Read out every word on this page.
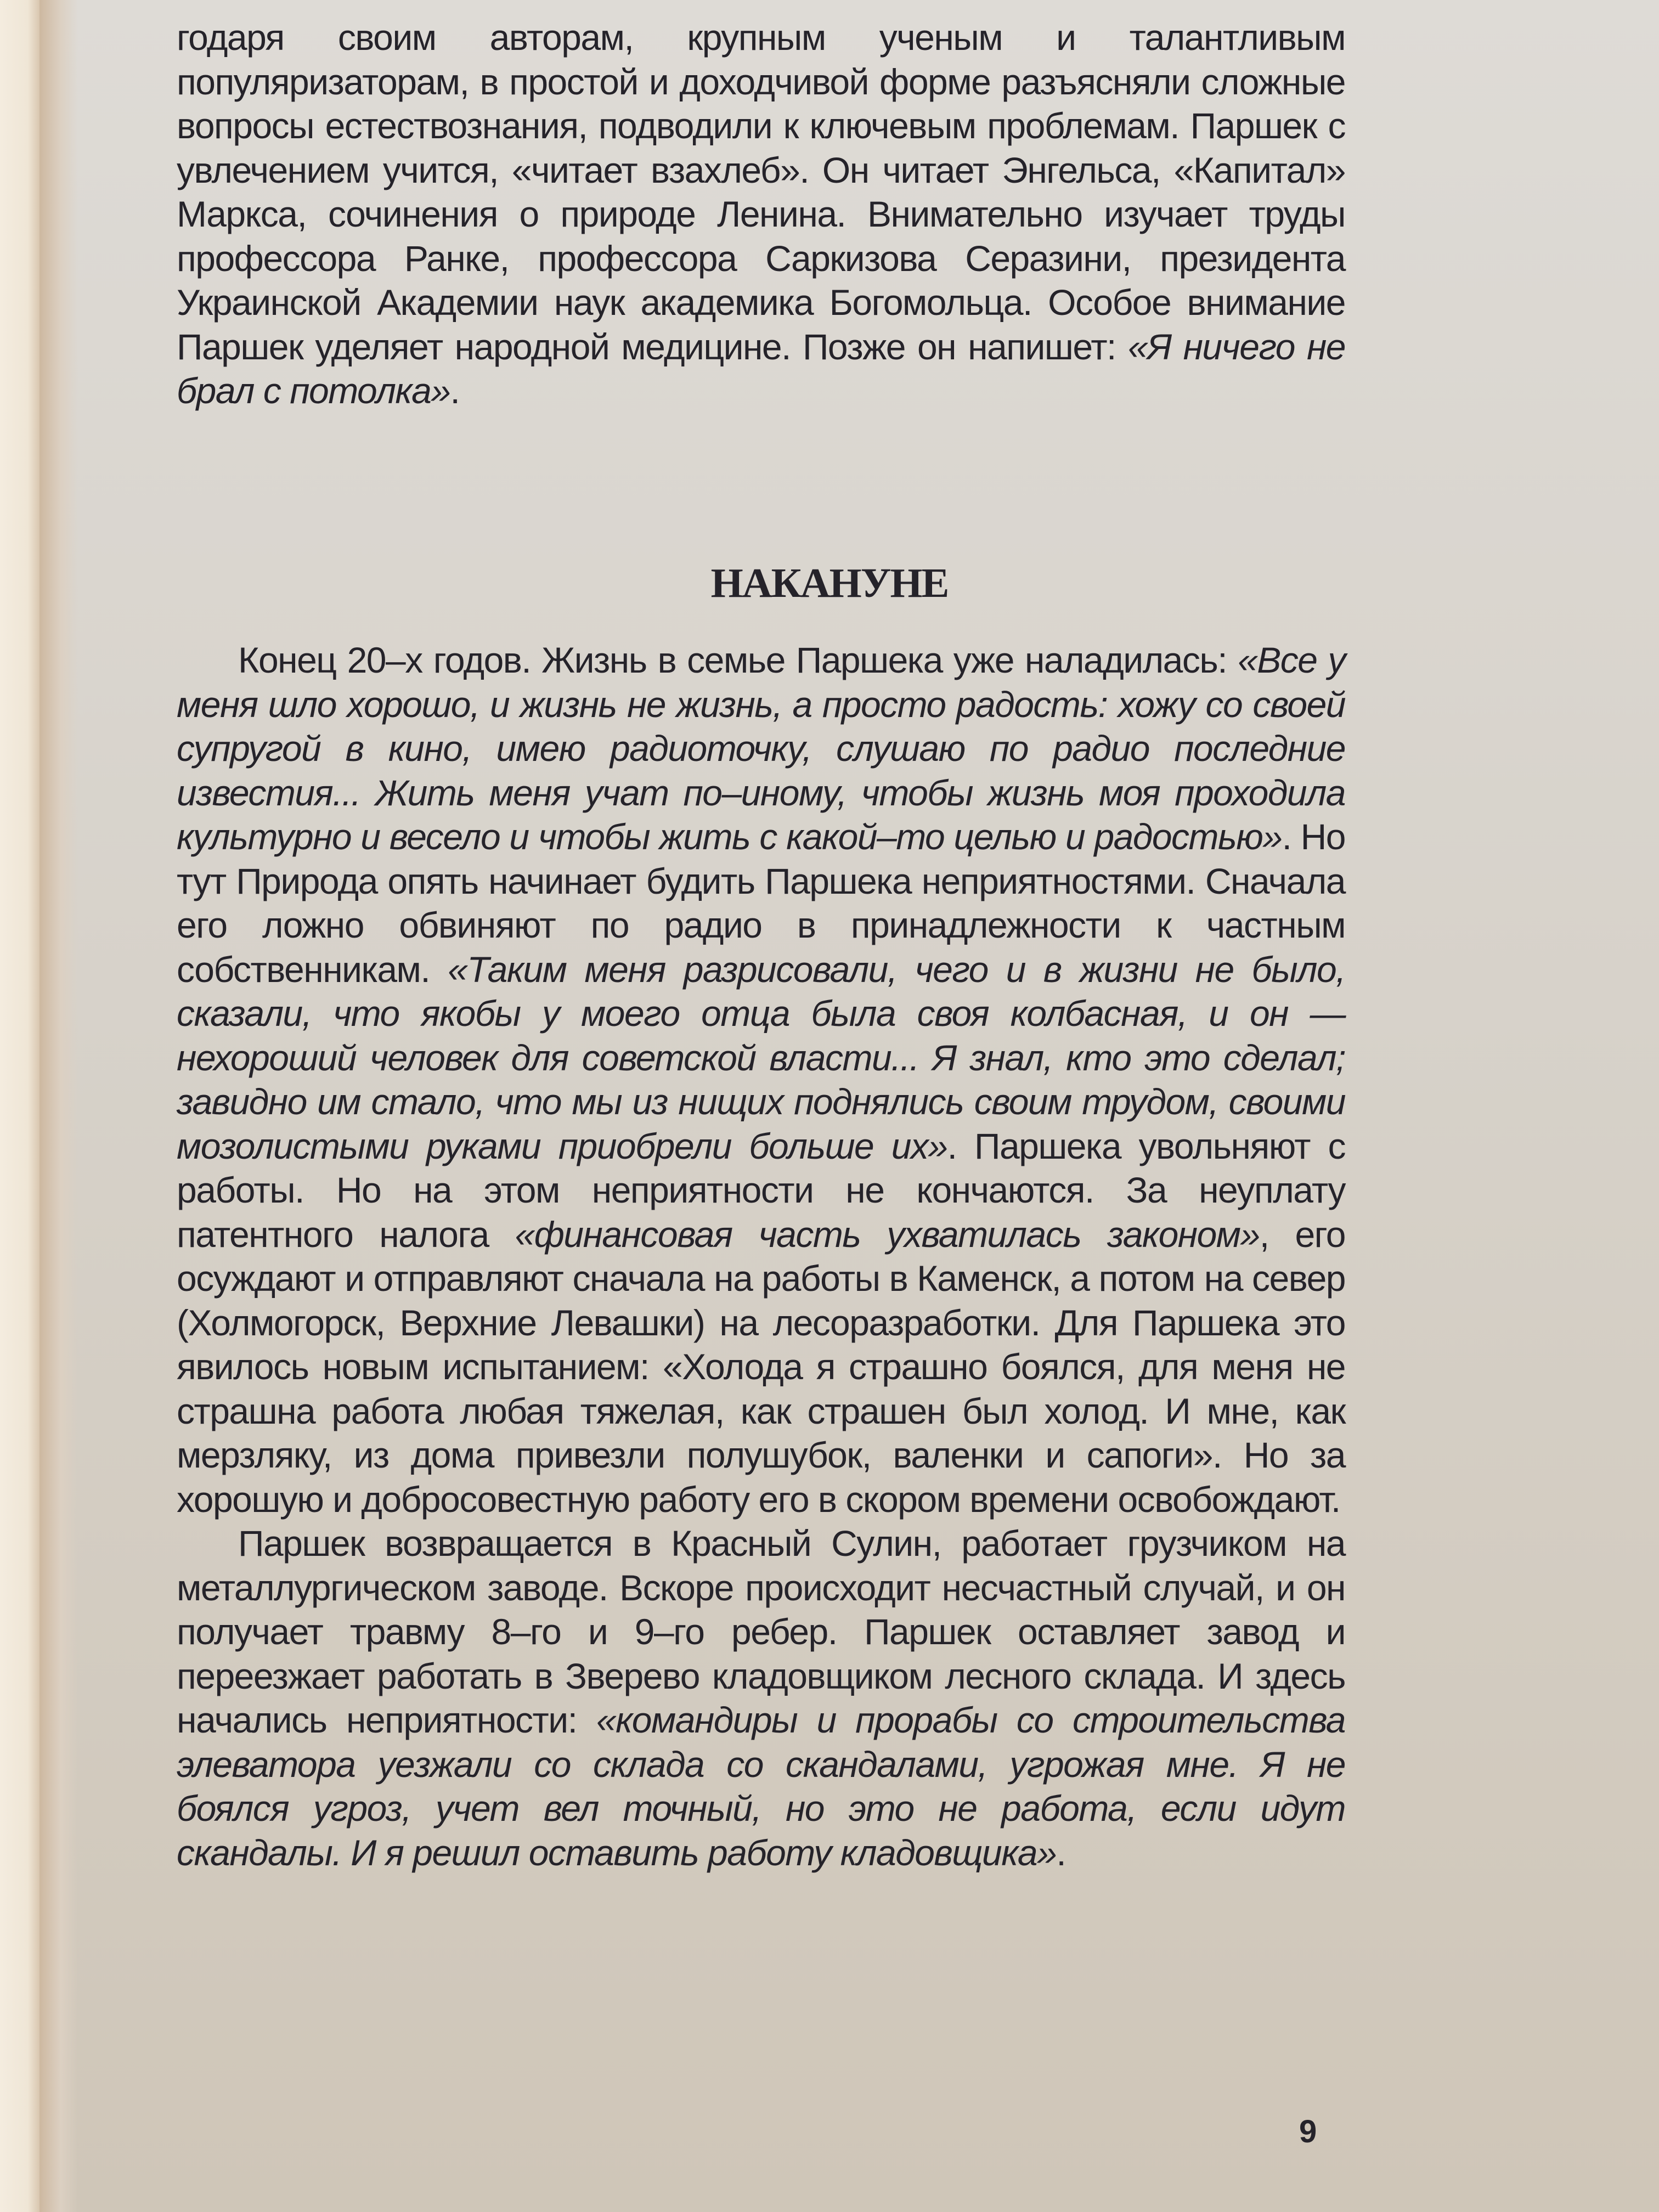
годаря своим авторам, крупным ученым и талантливым популяризаторам, в простой и доходчивой форме разъясняли сложные вопросы естествознания, подводили к ключевым проблемам. Паршек с увлечением учится, «читает взахлеб». Он читает Энгельса, «Капитал» Маркса, сочинения о природе Ленина. Внимательно изучает труды профессора Ранке, профессора Саркизова Серазини, президента Украинской Академии наук академика Богомольца. Особое внимание Паршек уделяет народной медицине. Позже он напишет: «Я ничего не брал с потолка».

НАКАНУНЕ

Конец 20–х годов. Жизнь в семье Паршека уже наладилась: «Все у меня шло хорошо, и жизнь не жизнь, а просто радость: хожу со своей супругой в кино, имею радиоточку, слушаю по радио последние известия... Жить меня учат по–иному, чтобы жизнь моя проходила культурно и весело и чтобы жить с какой–то целью и радостью». Но тут Природа опять начинает будить Паршека неприятностями. Сначала его ложно обвиняют по радио в принадлежности к частным собственникам. «Таким меня разрисовали, чего и в жизни не было, сказали, что якобы у моего отца была своя колбасная, и он — нехороший человек для советской власти... Я знал, кто это сделал; завидно им стало, что мы из нищих поднялись своим трудом, своими мозолистыми руками приобрели больше их». Паршека увольняют с работы. Но на этом неприятности не кончаются. За неуплату патентного налога «финансовая часть ухватилась законом», его осуждают и отправляют сначала на работы в Каменск, а потом на север (Холмогорск, Верхние Левашки) на лесоразработки. Для Паршека это явилось новым испытанием: «Холода я страшно боялся, для меня не страшна работа любая тяжелая, как страшен был холод. И мне, как мерзляку, из дома привезли полушубок, валенки и сапоги». Но за хорошую и добросовестную работу его в скором времени освобождают.

Паршек возвращается в Красный Сулин, работает грузчиком на металлургическом заводе. Вскоре происходит несчастный случай, и он получает травму 8–го и 9–го ребер. Паршек оставляет завод и переезжает работать в Зверево кладовщиком лесного склада. И здесь начались неприятности: «командиры и прорабы со строительства элеватора уезжали со склада со скандалами, угрожая мне. Я не боялся угроз, учет вел точный, но это не работа, если идут скандалы. И я решил оставить работу кладовщика».

9
